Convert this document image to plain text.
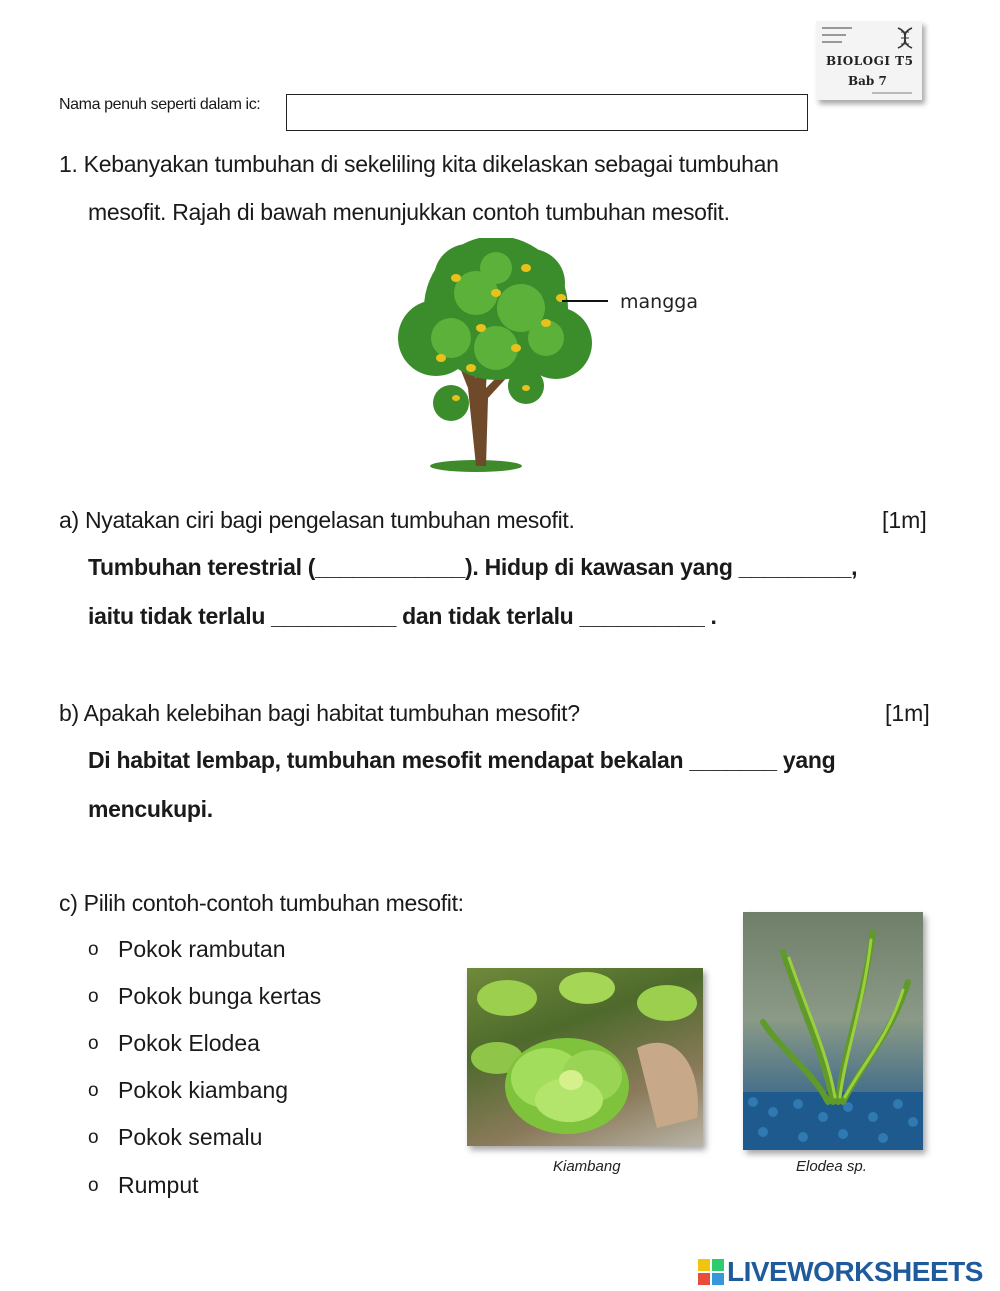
Nama penuh seperti dalam ic:
BIOLOGI T5
Bab 7
1. Kebanyakan tumbuhan di sekeliling kita dikelaskan sebagai tumbuhan
mesofit. Rajah di bawah menunjukkan contoh tumbuhan mesofit.
mangga
a) Nyatakan ciri bagi pengelasan tumbuhan mesofit.	[1m]
Tumbuhan terestrial (____________). Hidup di kawasan yang _________,
iaitu tidak terlalu __________ dan tidak terlalu __________ .
b) Apakah kelebihan bagi habitat tumbuhan mesofit?	[1m]
Di habitat lembap, tumbuhan mesofit mendapat bekalan _______ yang
mencukupi.
c) Pilih contoh-contoh tumbuhan mesofit:
o Pokok rambutan
o Pokok bunga kertas
o Pokok Elodea
o Pokok kiambang
o Pokok semalu
o Rumput
Kiambang	Elodea sp.
LIVEWORKSHEETS
